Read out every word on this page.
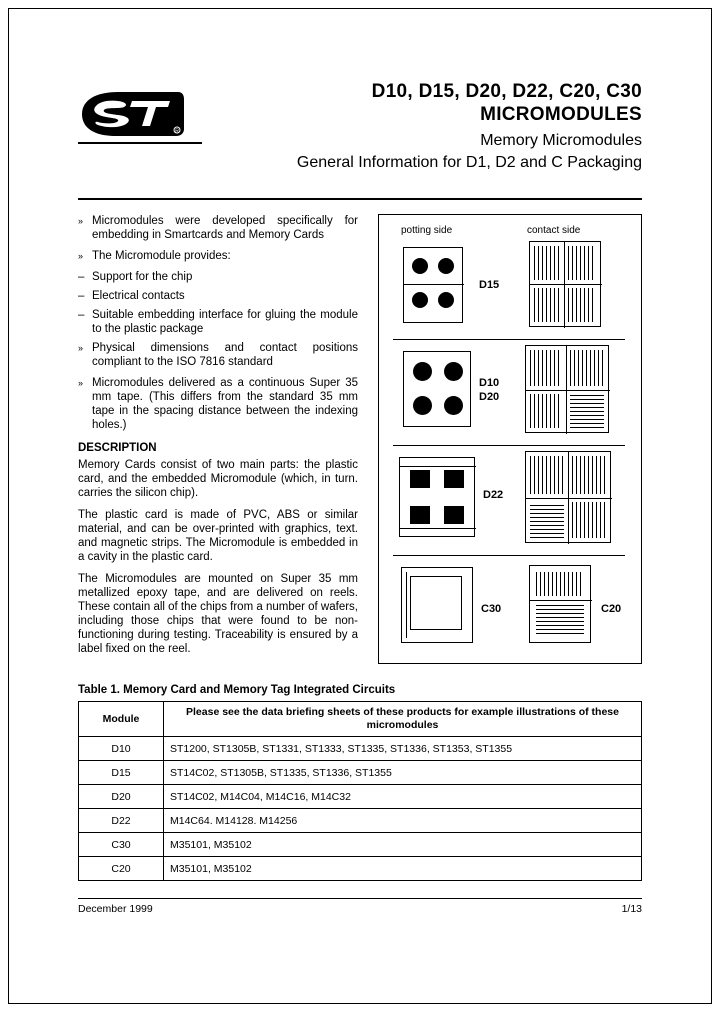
R
D10, D15, D20, D22, C20, C30
MICROMODULES
Memory Micromodules
General Information for D1, D2 and C Packaging
» Micromodules were developed specifically for embedding in Smartcards and Memory Cards
» The Micromodule provides:
– Support for the chip
– Electrical contacts
– Suitable embedding interface for gluing the module to the plastic package
» Physical dimensions and contact positions compliant to the ISO 7816 standard
» Micromodules delivered as a continuous Super 35 mm tape. (This differs from the standard 35 mm tape in the spacing distance between the indexing holes.)
DESCRIPTION

Memory Cards consist of two main parts: the plastic card, and the embedded Micromodule (which, in turn. carries the silicon chip).

The plastic card is made of PVC, ABS or similar material, and can be over-printed with graphics, text. and magnetic strips. The Micromodule is embedded in a cavity in the plastic card.

The Micromodules are mounted on Super 35 mm metallized epoxy tape, and are delivered on reels. These contain all of the chips from a number of wafers, including those chips that were found to be non-functioning during testing. Traceability is ensured by a label fixed on the reel.

potting side	contact side
D15
D10
D20
D22
C30	C20
Table 1. Memory Card and Memory Tag Integrated Circuits
Module	Please see the data briefing sheets of these products for example illustrations of these micromodules
D10	ST1200, ST1305B, ST1331, ST1333, ST1335, ST1336, ST1353, ST1355
D15	ST14C02, ST1305B, ST1335, ST1336, ST1355
D20	ST14C02, M14C04, M14C16, M14C32
D22	M14C64. M14128. M14256
C30	M35101, M35102
C20	M35101, M35102
December 1999	1/13
